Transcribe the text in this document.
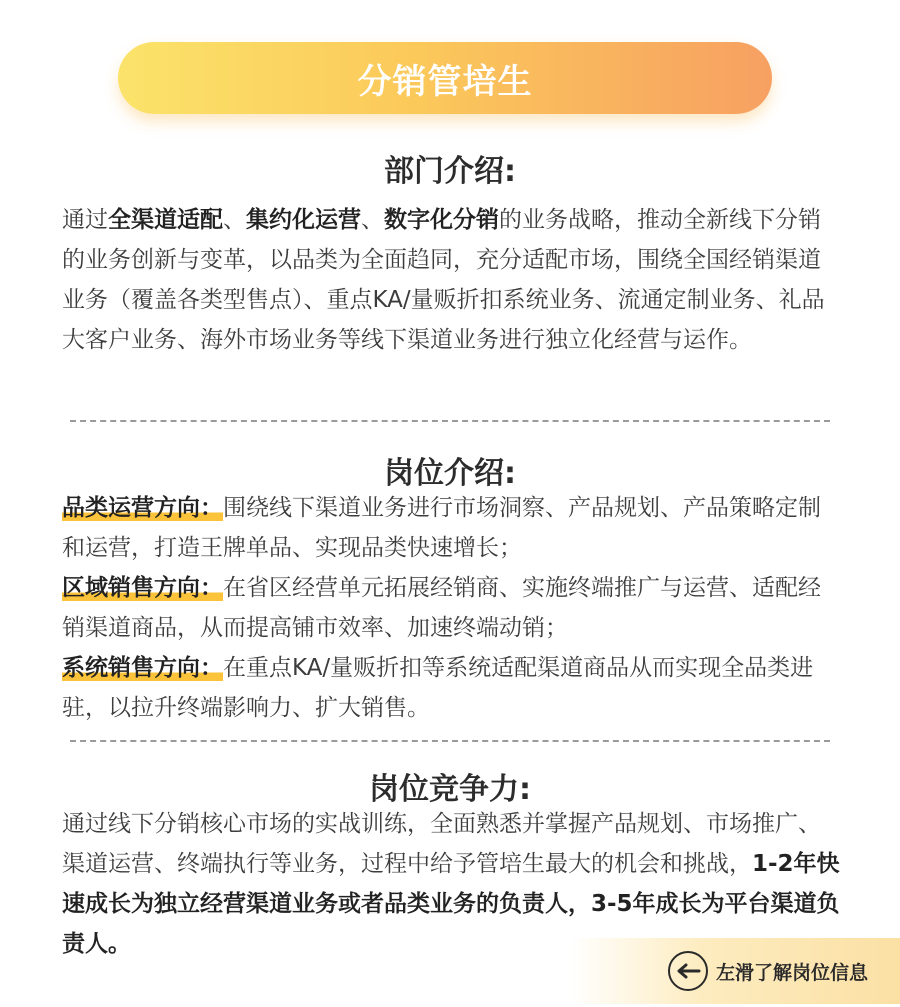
分销管培生
部门介绍:
通过全渠道适配、集约化运营、数字化分销的业务战略，推动全新线下分销的业务创新与变革，以品类为全面趋同，充分适配市场，围绕全国经销渠道业务（覆盖各类型售点）、重点KA/量贩折扣系统业务、流通定制业务、礼品大客户业务、海外市场业务等线下渠道业务进行独立化经营与运作。
岗位介绍:
品类运营方向：围绕线下渠道业务进行市场洞察、产品规划、产品策略定制和运营，打造王牌单品、实现品类快速增长；
区域销售方向：在省区经营单元拓展经销商、实施终端推广与运营、适配经销渠道商品，从而提高铺市效率、加速终端动销；
系统销售方向：在重点KA/量贩折扣等系统适配渠道商品从而实现全品类进驻，以拉升终端影响力、扩大销售。
岗位竞争力:
通过线下分销核心市场的实战训练，全面熟悉并掌握产品规划、市场推广、渠道运营、终端执行等业务，过程中给予管培生最大的机会和挑战，1-2年快速成长为独立经营渠道业务或者品类业务的负责人，3-5年成长为平台渠道负责人。
左滑了解岗位信息
